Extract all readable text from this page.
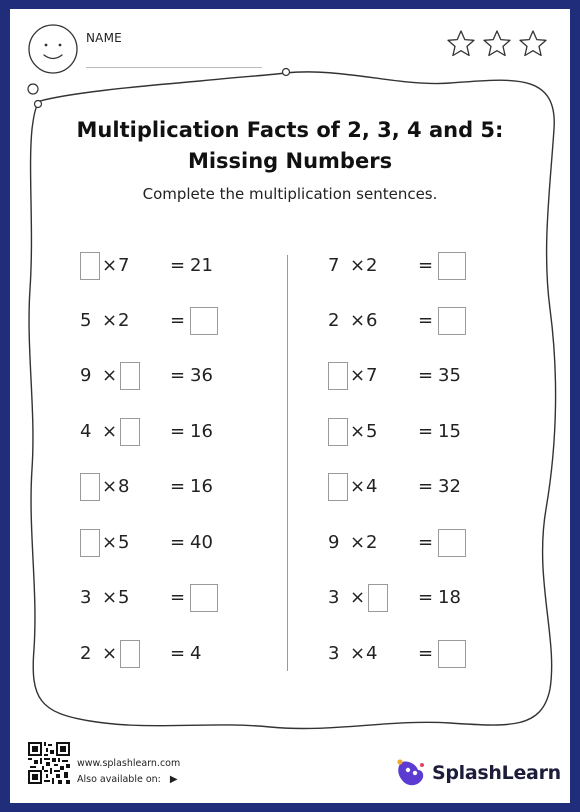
NAME
Multiplication Facts of 2, 3, 4 and 5:
Missing Numbers
Complete the multiplication sentences.
× 7 = 21
5 × 2 =
9 ×	= 36
4 ×	= 16
× 8 = 16
× 5 = 40
3 × 5 =
2 ×	= 4
7 × 2 =
2 × 6 =
× 7 = 35
× 5 = 15
× 4 = 32
9 × 2 =
3 ×	= 18
3 × 4 =
www.splashlearn.com
Also available on: ▶	SplashLearn
